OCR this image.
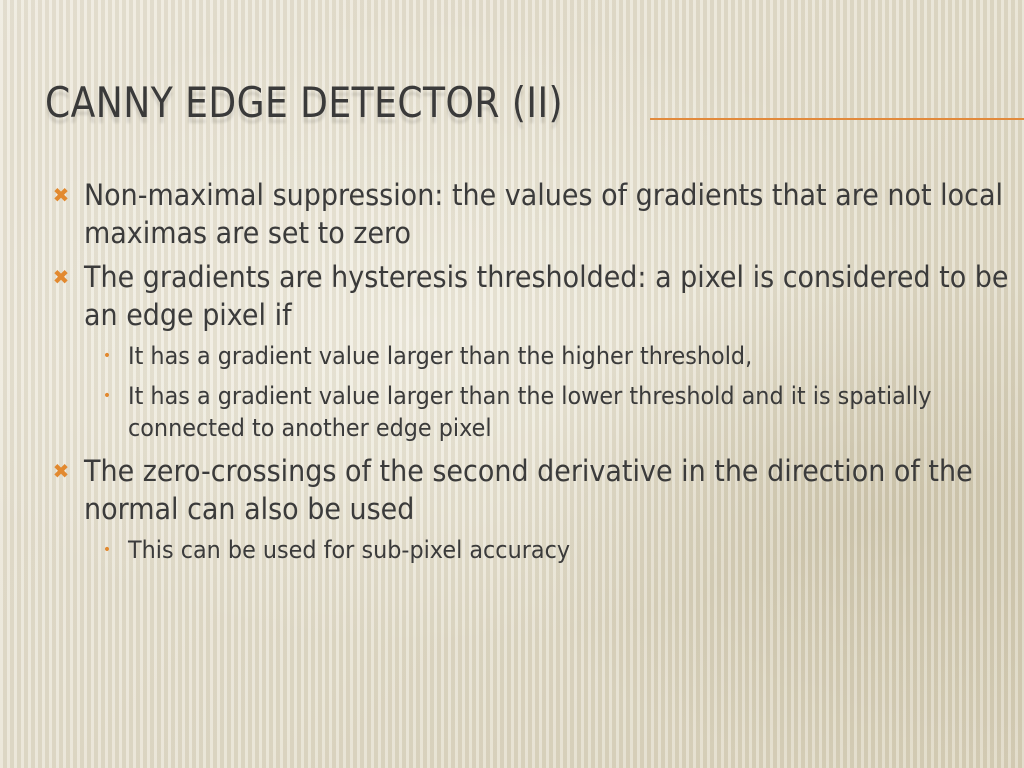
CANNY EDGE DETECTOR (II)
✖ Non-maximal suppression: the values of gradients that are not local maximas are set to zero
✖ The gradients are hysteresis thresholded: a pixel is considered to be an edge pixel if
• It has a gradient value larger than the higher threshold,
• It has a gradient value larger than the lower threshold and it is spatially connected to another edge pixel
✖ The zero-crossings of the second derivative in the direction of the normal can also be used
• This can be used for sub-pixel accuracy
